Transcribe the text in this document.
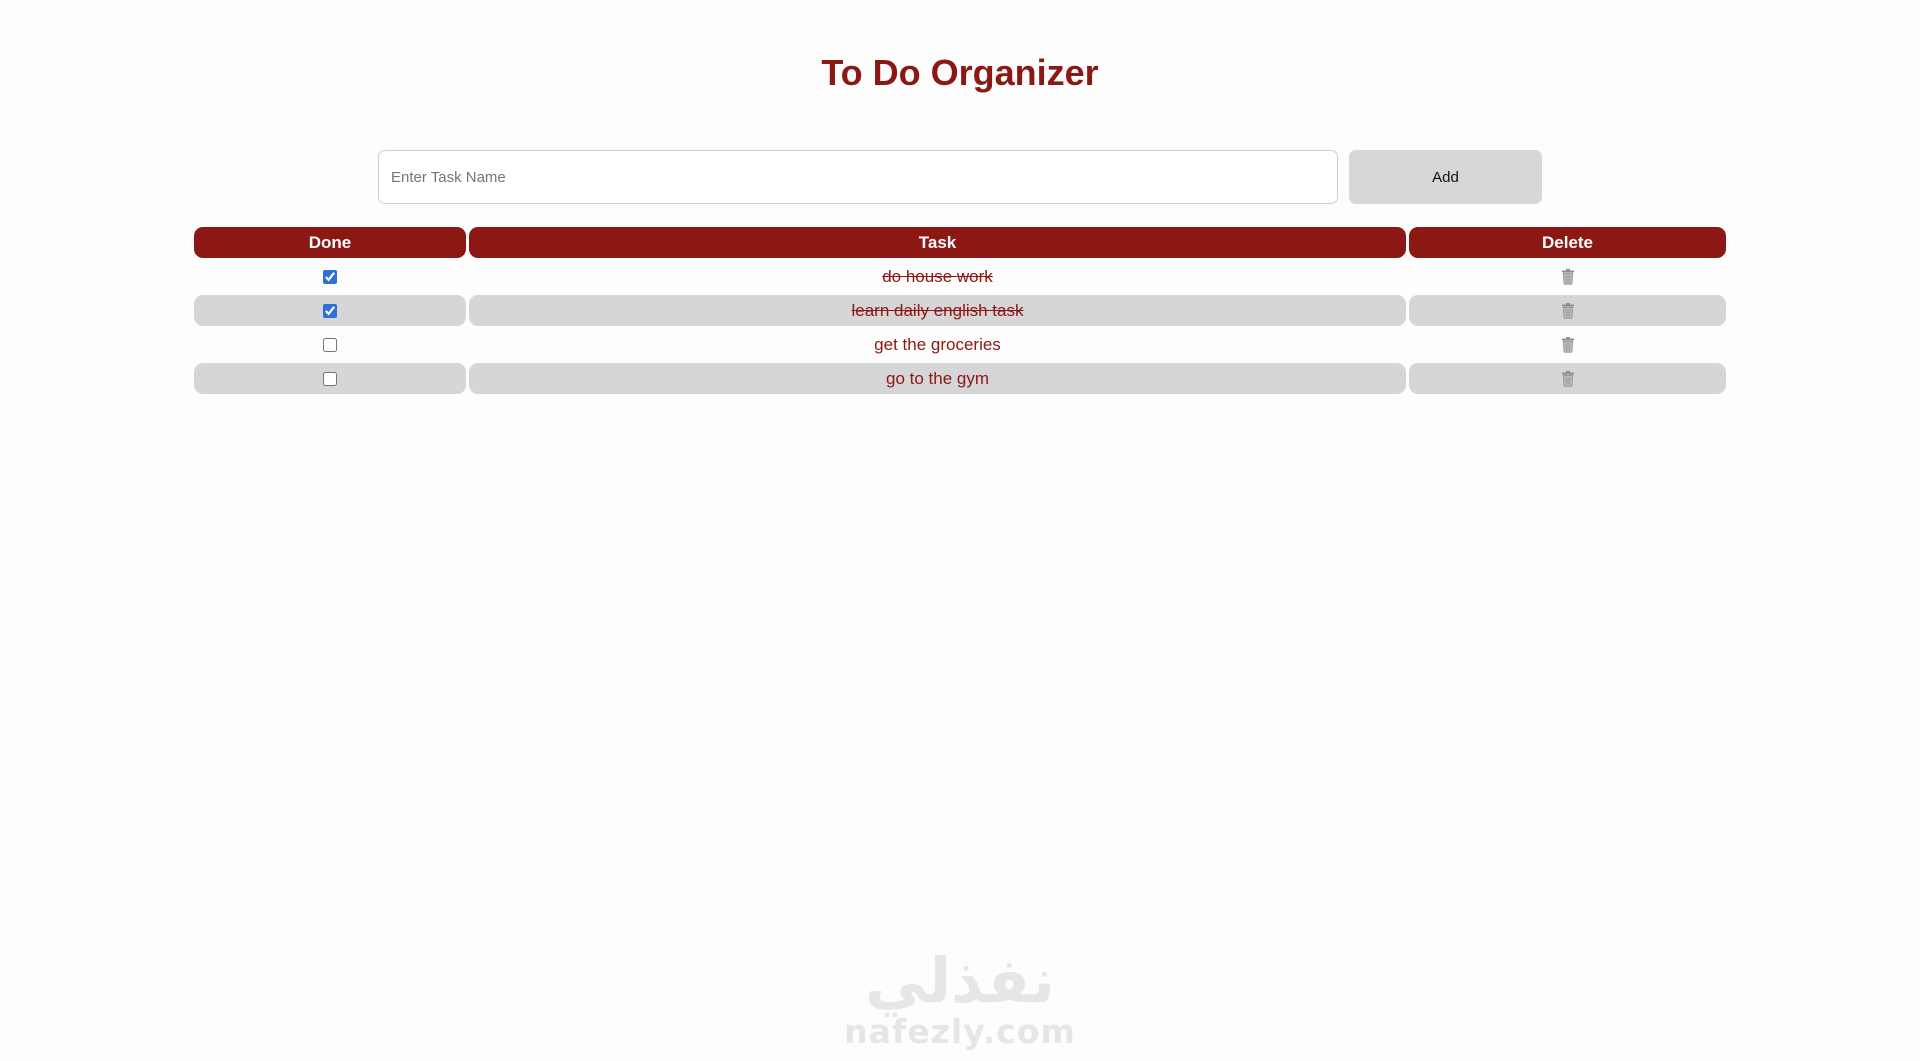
To Do Organizer
Enter Task Name
Add
Done	Task	Delete
do house work
learn daily english task
get the groceries
go to the gym
نفذلي
nafezly.com
